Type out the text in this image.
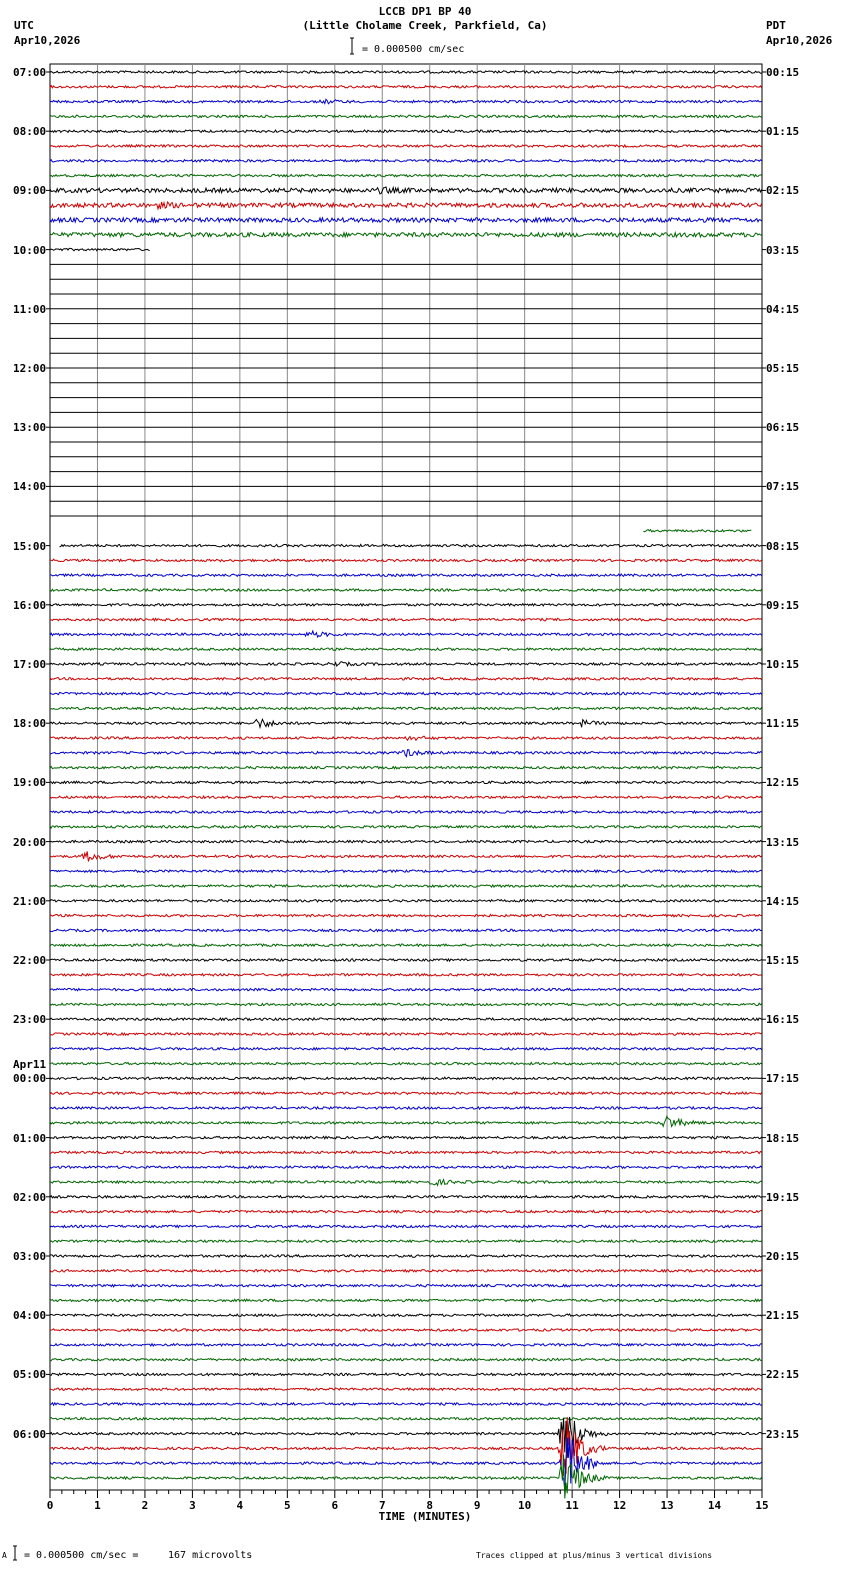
0	1	2	3	4	5	6	7	8	9	10	11	12	13	14	15
LCCB DP1 BP 40
(Little Cholame Creek, Parkfield, Ca)
UTC
Apr10,2026
PDT
Apr10,2026
= 0.000500 cm/sec
07:00
08:00
09:00
10:00
11:00
12:00
13:00
14:00
15:00
16:00
17:00
18:00
19:00
20:00
21:00
22:00
23:00
00:00
Apr11
01:00
02:00
03:00
04:00
05:00
06:00
00:15
01:15
02:15
03:15
04:15
05:15
06:15
07:15
08:15
09:15
10:15
11:15
12:15
13:15
14:15
15:15
16:15
17:15
18:15
19:15
20:15
21:15
22:15
23:15
TIME (MINUTES)
A = 0.000500 cm/sec =	167 microvolts	Traces clipped at plus/minus 3 vertical divisions
